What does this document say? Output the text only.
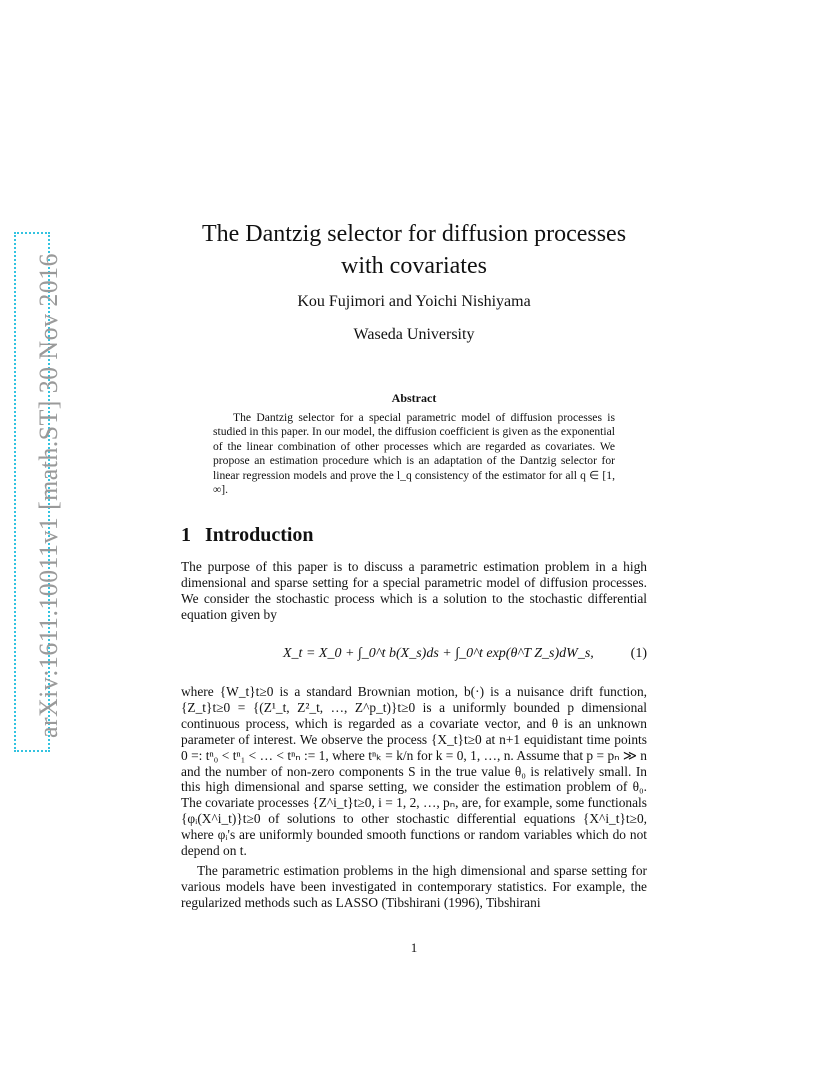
arXiv:1611.10011v1 [math.ST] 30 Nov 2016
The Dantzig selector for diffusion processes with covariates
Kou Fujimori and Yoichi Nishiyama
Waseda University
Abstract
The Dantzig selector for a special parametric model of diffusion processes is studied in this paper. In our model, the diffusion coefficient is given as the exponential of the linear combination of other processes which are regarded as covariates. We propose an estimation procedure which is an adaptation of the Dantzig selector for linear regression models and prove the l_q consistency of the estimator for all q ∈ [1, ∞].
1 Introduction
The purpose of this paper is to discuss a parametric estimation problem in a high dimensional and sparse setting for a special parametric model of diffusion processes. We consider the stochastic process which is a solution to the stochastic differential equation given by
X_t = X_0 + ∫_0^t b(X_s)ds + ∫_0^t exp(θ^T Z_s)dW_s,	(1)
where {W_t}t≥0 is a standard Brownian motion, b(·) is a nuisance drift function, {Z_t}t≥0 = {(Z¹_t, Z²_t, …, Z^p_t)}t≥0 is a uniformly bounded p dimensional continuous process, which is regarded as a covariate vector, and θ is an unknown parameter of interest. We observe the process {X_t}t≥0 at n+1 equidistant time points 0 =: tⁿ₀ < tⁿ₁ < … < tⁿₙ := 1, where tⁿₖ = k/n for k = 0, 1, …, n. Assume that p = pₙ ≫ n and the number of non-zero components S in the true value θ₀ is relatively small. In this high dimensional and sparse setting, we consider the estimation problem of θ₀. The covariate processes {Z^i_t}t≥0, i = 1, 2, …, pₙ, are, for example, some functionals {φᵢ(X^i_t)}t≥0 of solutions to other stochastic differential equations {X^i_t}t≥0, where φᵢ's are uniformly bounded smooth functions or random variables which do not depend on t.
The parametric estimation problems in the high dimensional and sparse setting for various models have been investigated in contemporary statistics. For example, the regularized methods such as LASSO (Tibshirani (1996), Tibshirani
1
